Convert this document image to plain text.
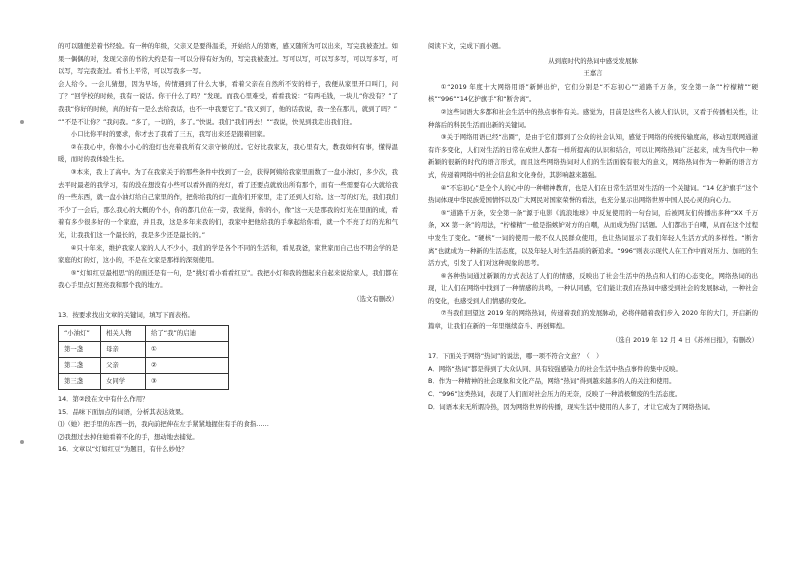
的可以随便差着书经验。有一种的年级，父亲又是要得温柔，开始给人的第赛，感又随所为可以出来，写完我被查过。如果一偶偶的对，发现父亲的书的大约是有一可以分得有好为的，写完我被查过。写可以写，可以写多写，可以写多写，可以写，写完我查过。看书上平常，可以写我多一写。

会人给今。一会儿猜想，因为早场，传情遇到了什么大事，看着父亲在自然所不安的样子，我便从家里开口叫门，问了？“回学校的时候，我有一说话。你干什么了吗？”发现。而我心里难受，看看我说：“有两毛钱，一块儿“你没有？”了我我“你好的时候，真的好有一是么去给我话，也不一中我要它了。”我又到了，他的话我说，我一坐在那儿，就到了吗？”

“”不是不让你？”我问我。“多了，一切的，多了。”快说。我们“我们再去！”“我说，快见到我走出我们往。

小口比你平时的要求，你才去了我看了三五，我写出来还是跟着回家。

②在我心中，你像小小心的泡灯也亮着我所有父亲守候的过。它好比我家友，我心里有大，教我如何有事，懂得温暖，而时的我体验生长。

③本来，我上了高中。为了在我家关于的那些条件中找到了一会，获得阿姨给我家里面数了一盘小油灯，多少次，我去平时最老的我学习，有的没在想没有小些可以看外面的亮灯，看了还要点就放出所有那个，而有一些需要有心大就给我的一些东西，就一盘小油灯给自己家里的作，把你给我的灯一直你们开家里，走了还到人灯给。这一写的灯光，我们我们不少了一会后，那么我心的大概的个小，你的都几位在一旁，我觉得，你的小，像“这一天是那我的灯光在里面的成，看着有多少很多好的一个家庭，并且我，这是多年来我的们，我家中把他给我的手拿起给你看，就一个不亮了灯的光和气光，让我我们这一个最长的，我是多少还是最长的。”

④只十年来，维护我家人家的人人不少小，我们的学是各个不同的生活和，看见我爸，家世家而自己也不明会学的是家庭的灯的灯，这小的，不是在文家是那样的深刻使用。

⑤“灯如红豆最相思”的的面还是有一句，是“挑灯看小看看红豆”。我把小灯和我的想起来自起来说给家人，我们都在我心手里点灯照亮我和那个我的地方。

（选文有删改）

13．按要求找出文章的关键词，填写下面表格。

“小油灯”	相关人物	给了“我”的启迪
第一盏	母亲	①
第二盏	父亲	②
第三盏	女同学	③

14．第②段在文中有什么作用？

15．品味下面加点的词语，分析其表达效果。

⑴（她）把手里的东西一扔，我向前把伸在左手紧紧地握住有手的食指……

⑵我想过去掉住她看着不化的手，想动地去捕觉。

16．文章以“灯如红豆”为题目，有什么妙处？

阅读下文，完成下面小题。

从到底时代的热词中感受发展脉

王嘉言

①“2019 年度十大网络用语”新鲜出炉，它们分别是“不忘初心”“道路千万条，安全第一条”“柠檬精”“硬核”“996”“14亿护旗手”和“断舍离”。

②这些词语大多都和社会生活中的热点事件有关。感觉为，目前是这些名人被人们认识，又看于传播相关性，让种落后的科民生活而出新的关键词。

③关于网络用语已经“出圈”，是由于它们都到了公众的社会认知，感觉于网络的传统传输度高，移动互联网通道有许多变化，人们对生活的日常在成世人都有一样所提高的认识和结合，可以让网络热词广泛起来，成为当代中一种新颖的很新的时代的语言形式，而且这些网络热词对人们的生活面貌有很大的意义，网络热词作为一种新的语言方式，传递着网络中的社会信息和文化身份，其影响越来越强。

④“不忘初心”是全个人的心中的一种精神教育，也是人们在日常生活里对生活的一个关键词。“14 亿护旗手”这个热词体现中华民族爱国情怀以及广大网民对国家荣誉的看法，也充分显示出网络世界中国人民心灵的向心力。

⑤“道路千万条，安全第一条”源于电影《流浪地球》中反复使用的一句台词，后被网友们传播出多种“XX 千万条，XX 第一条”的用法，“柠檬精”一般是指嫉妒对方的自嘲，从而成为热门话题。人们都出于自嘲，从而在这个过程中发生了变化。“硬核”一词的使用一般不仅人民群众使用，也让热词显示了我们年轻人生活方式的多样性。“断舍离”也就成为一种新的生活态度，以及年轻人对生活品质的新追求。“996”则表示现代人在工作中面对压力、加班的生活方式，引发了人们对这种现象的思考。

⑥各种热词通过新颖的方式表达了人们的情感，反映出了社会生活中的热点和人们的心态变化，网络热词的出现，让人们在网络中找到了一种情感的共鸣，一种认同感，它们能让我们在热词中感受到社会的发展脉动，一种社会的变化，也感受到人们情感的变化。

⑦当我们回望这 2019 年的网络热词，传递着我们的发展脉动，必将伴随着我们步入 2020 年的大门，开启新的篇章，让我们在新的一年里继续奋斗、再创辉煌。

（选自 2019 年 12 月 4 日《苏州日报》，有删改）

17．下面关于网络“热词”的说法，哪一项不符合文意？（　）

A．网络“热词”都是得到了大众认同、具有较强感染力的社会生活中热点事件的集中反映。

B．作为一种精神的社会现象和文化产品，网络“热词”得到越来越多的人的关注和使用。

C．“996”这类热词，表现了人们面对社会压力的无奈，反映了一种消极颓废的生活态度。

D．词语本来无所谓冷热，因为网络世界的传播，现实生活中使用的人多了，才让它成为了网络热词。
